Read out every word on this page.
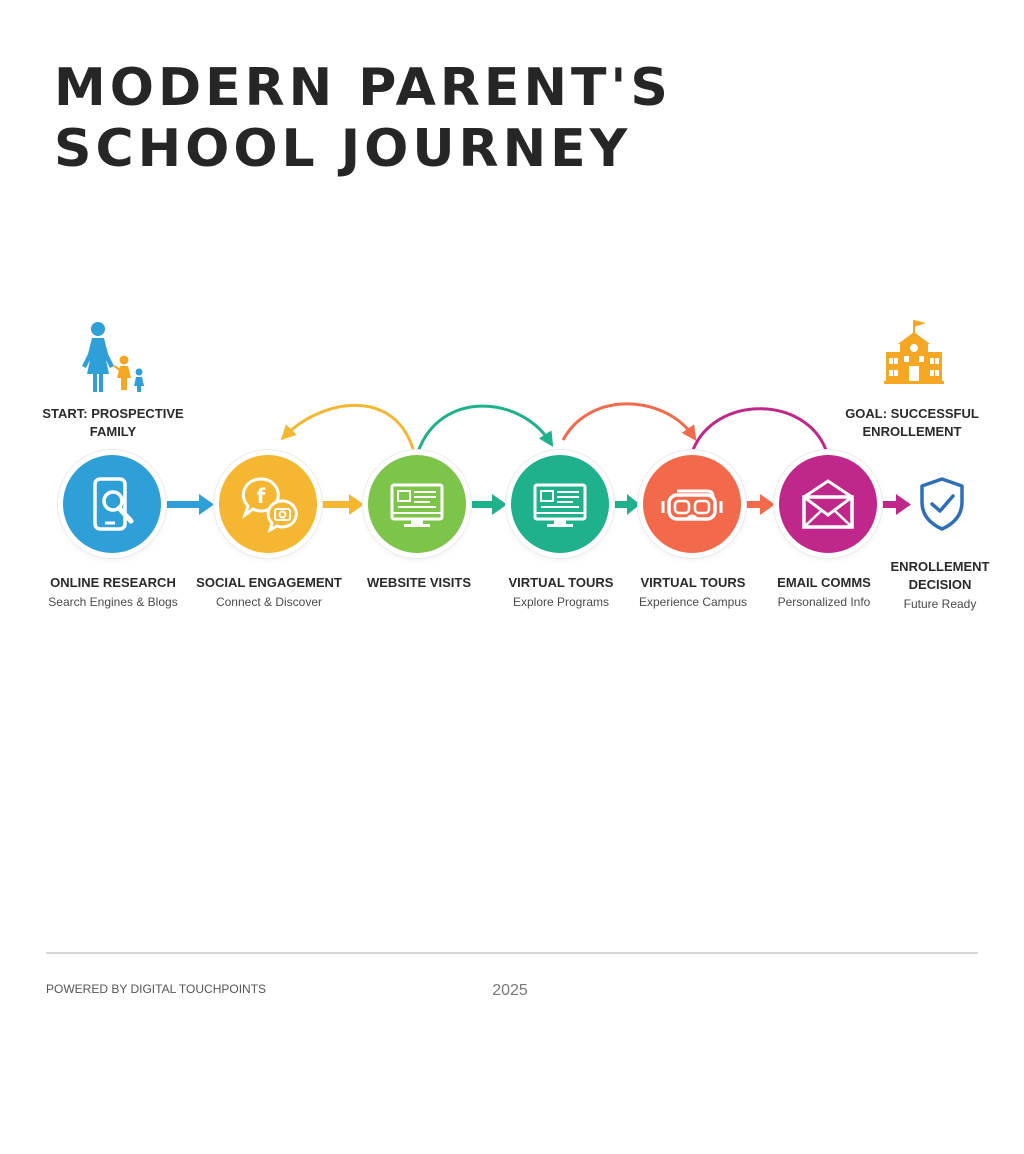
MODERN PARENT'S
SCHOOL JOURNEY
START: PROSPECTIVE FAMILY
GOAL: SUCCESSFUL ENROLLEMENT
ONLINE RESEARCH
Search Engines & Blogs
f
SOCIAL ENGAGEMENT
Connect & Discover
WEBSITE VISITS	VIRTUAL TOURS
Explore Programs
VIRTUAL TOURS
Experience Campus
EMAIL COMMS
Personalized Info
ENROLLEMENT DECISION
Future Ready
POWERED BY DIGITAL TOUCHPOINTS	2025
